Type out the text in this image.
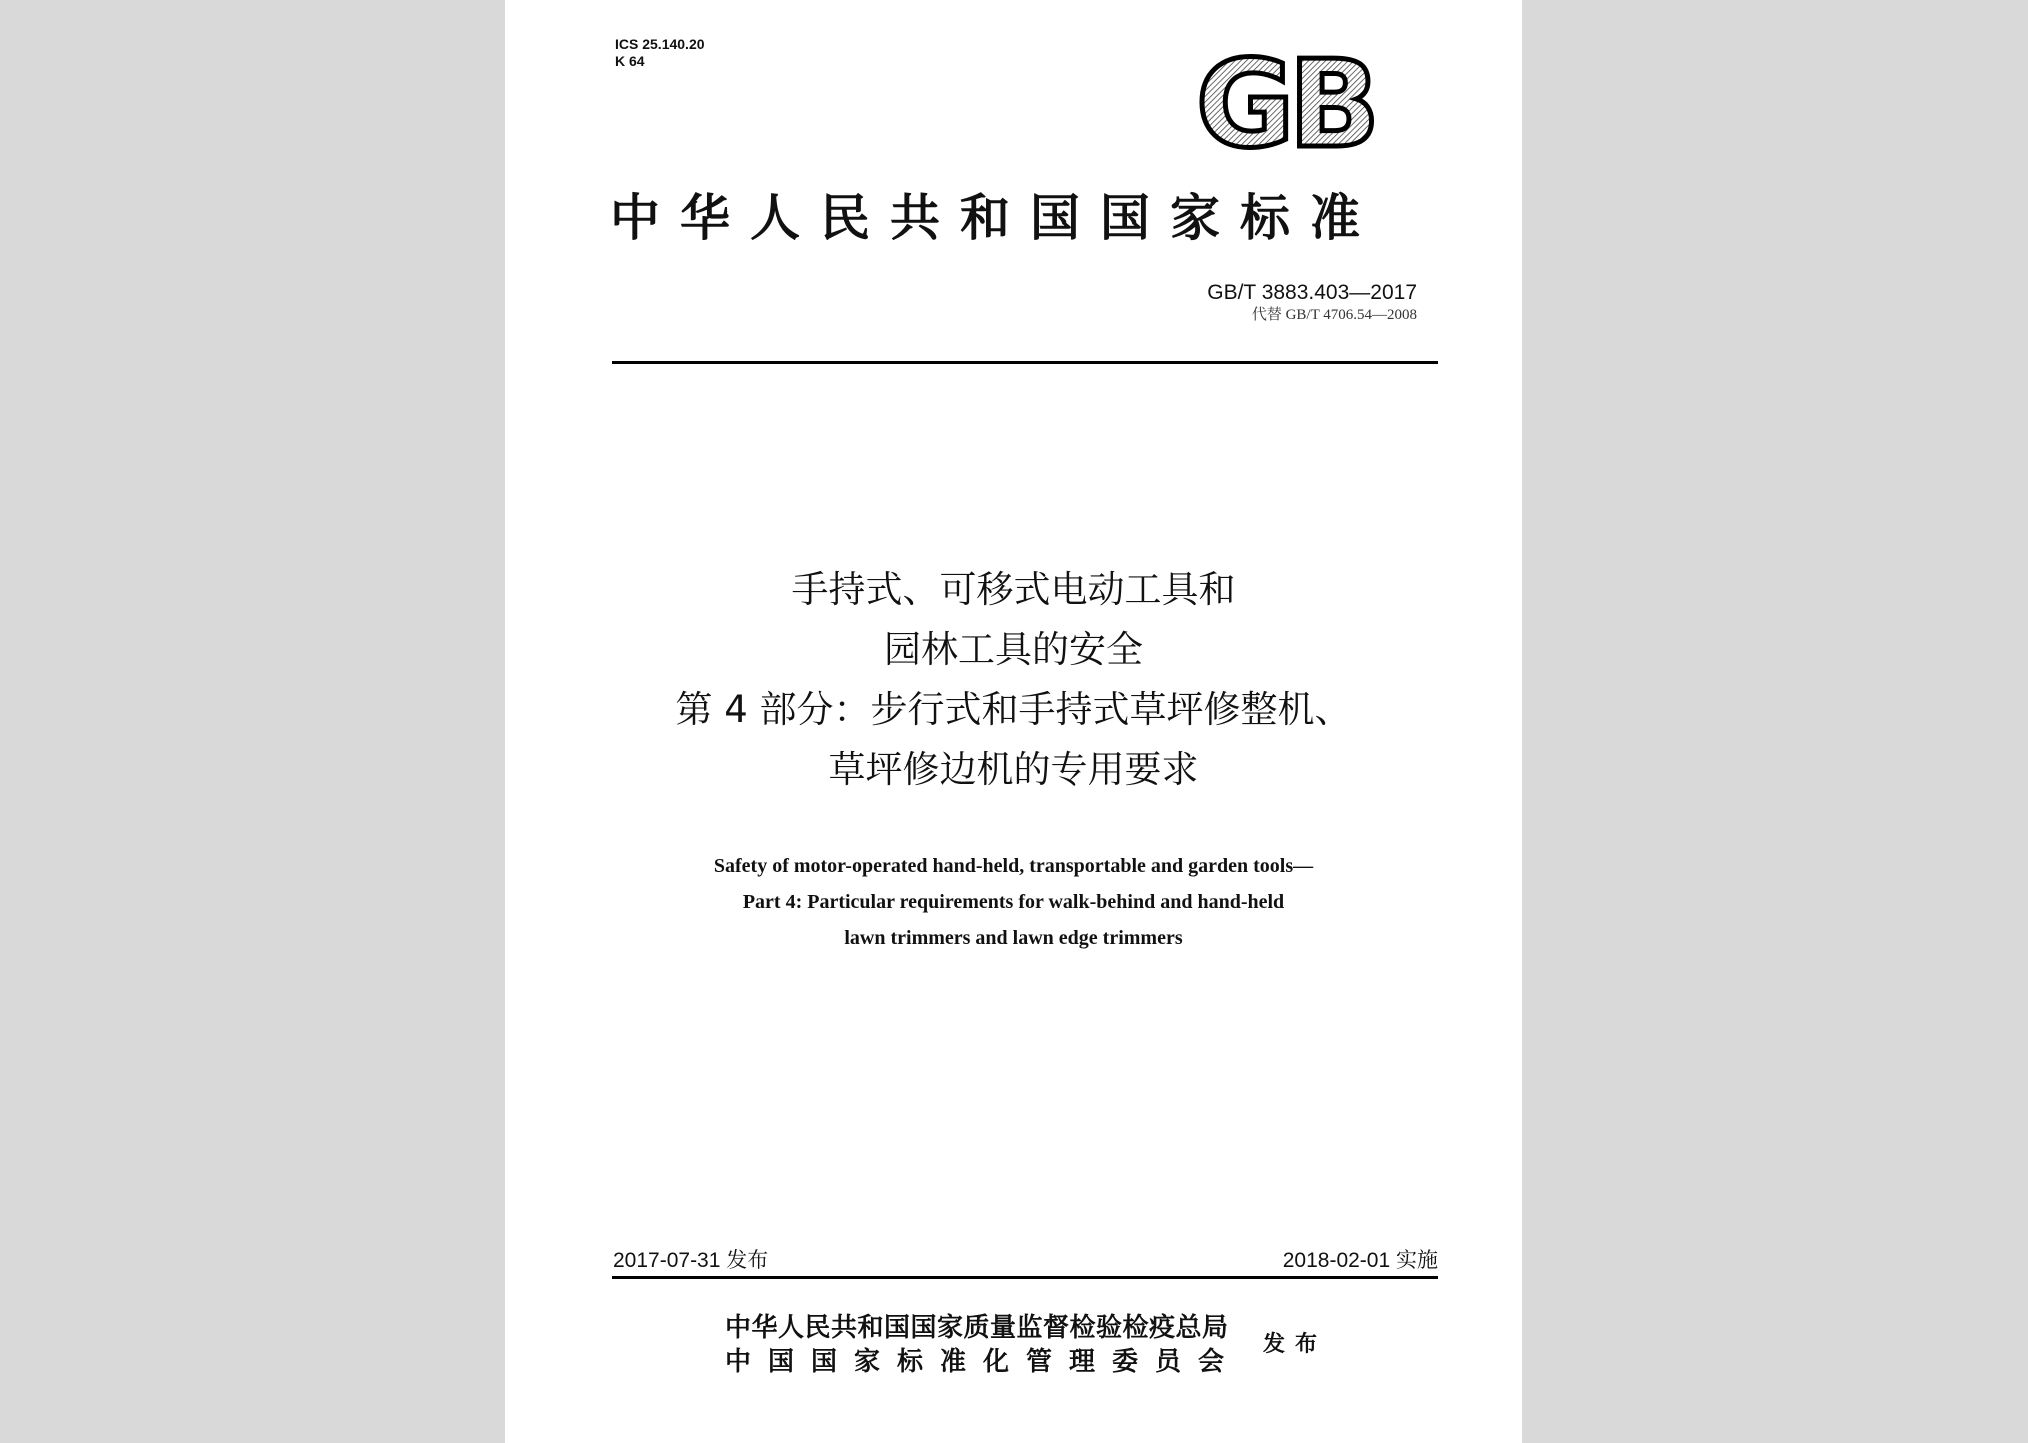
ICS 25.140.20
K 64	GB
中华人民共和国国家标准
GB/T 3883.403—2017
代替 GB/T 4706.54—2008
手持式、可移式电动工具和
园林工具的安全
第 4 部分：步行式和手持式草坪修整机、
草坪修边机的专用要求
Safety of motor-operated hand-held, transportable and garden tools—
Part 4: Particular requirements for walk-behind and hand-held
lawn trimmers and lawn edge trimmers
2017-07-31 发布	2018-02-01 实施
中华人民共和国国家质量监督检验检疫总局
中国国家标准化管理委员会
发布
